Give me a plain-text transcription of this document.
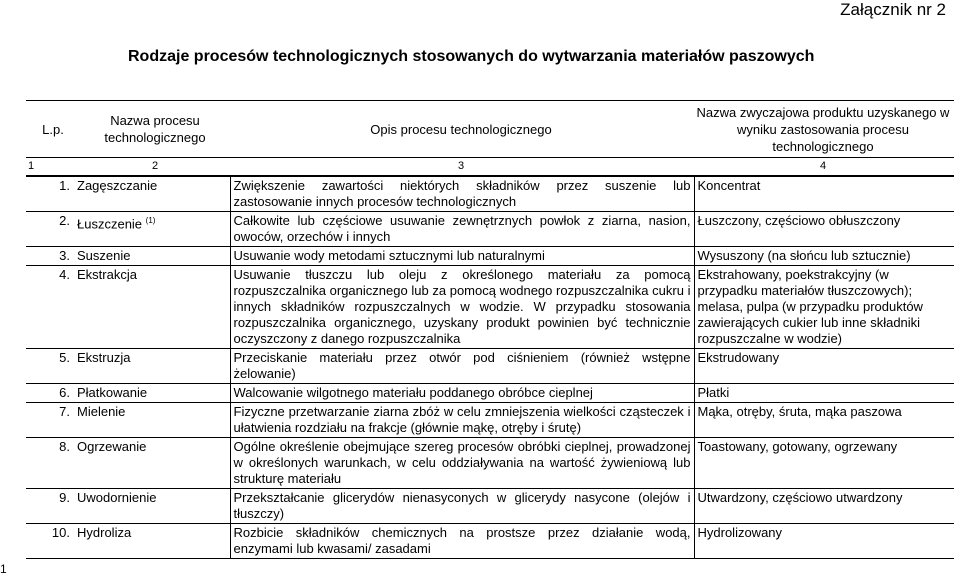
Załącznik nr 2
Rodzaje procesów technologicznych stosowanych do wytwarzania materiałów paszowych
L.p.	Nazwa procesu technologicznego	Opis procesu technologicznego	Nazwa zwyczajowa produktu uzyskanego w wyniku zastosowania procesu technologicznego
1	2	3	4
1.	Zagęszczanie	Zwiększenie zawartości niektórych składników przez suszenie lub zastosowanie innych procesów technologicznych	Koncentrat
2.	Łuszczenie $^{(1)}$	Całkowite lub częściowe usuwanie zewnętrznych powłok z ziarna, nasion, owoców, orzechów i innych	Łuszczony, częściowo obłuszczony
3.	Suszenie	Usuwanie wody metodami sztucznymi lub naturalnymi	Wysuszony (na słońcu lub sztucznie)
4.	Ekstrakcja	Usuwanie tłuszczu lub oleju z określonego materiału za pomocą rozpuszczalnika organicznego lub za pomocą wodnego rozpuszczalnika cukru i innych składników rozpuszczalnych w wodzie. W przypadku stosowania rozpuszczalnika organicznego, uzyskany produkt powinien być technicznie oczyszczony z danego rozpuszczalnika	Ekstrahowany, poekstrakcyjny (w przypadku materiałów tłuszczowych); melasa, pulpa (w przypadku produktów zawierających cukier lub inne składniki rozpuszczalne w wodzie)
5.	Ekstruzja	Przeciskanie materiału przez otwór pod ciśnieniem (również wstępne żelowanie)	Ekstrudowany
6.	Płatkowanie	Walcowanie wilgotnego materiału poddanego obróbce cieplnej	Płatki
7.	Mielenie	Fizyczne przetwarzanie ziarna zbóż w celu zmniejszenia wielkości cząsteczek i ułatwienia rozdziału na frakcje (głównie mąkę, otręby i śrutę)	Mąka, otręby, śruta, mąka paszowa
8.	Ogrzewanie	Ogólne określenie obejmujące szereg procesów obróbki cieplnej, prowadzonej w określonych warunkach, w celu oddziaływania na wartość żywieniową lub strukturę materiału	Toastowany, gotowany, ogrzewany
9.	Uwodornienie	Przekształcanie glicerydów nienasyconych w glicerydy nasycone (olejów i tłuszczy)	Utwardzony, częściowo utwardzony
10.	Hydroliza	Rozbicie składników chemicznych na prostsze przez działanie wodą, enzymami lub kwasami/ zasadami	Hydrolizowany
1
